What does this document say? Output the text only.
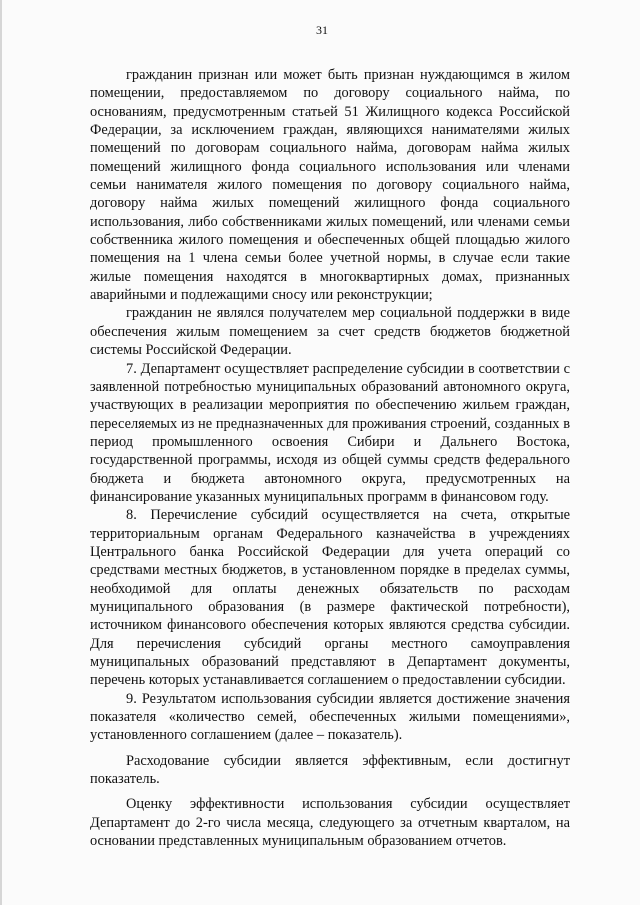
31

гражданин признан или может быть признан нуждающимся в жилом помещении, предоставляемом по договору социального найма, по основаниям, предусмотренным статьей 51 Жилищного кодекса Российской Федерации, за исключением граждан, являющихся нанимателями жилых помещений по договорам социального найма, договорам найма жилых помещений жилищного фонда социального использования или членами семьи нанимателя жилого помещения по договору социального найма, договору найма жилых помещений жилищного фонда социального использования, либо собственниками жилых помещений, или членами семьи собственника жилого помещения и обеспеченных общей площадью жилого помещения на 1 члена семьи более учетной нормы, в случае если такие жилые помещения находятся в многоквартирных домах, признанных аварийными и подлежащими сносу или реконструкции;

гражданин не являлся получателем мер социальной поддержки в виде обеспечения жилым помещением за счет средств бюджетов бюджетной системы Российской Федерации.

7. Департамент осуществляет распределение субсидии в соответствии с заявленной потребностью муниципальных образований автономного округа, участвующих в реализации мероприятия по обеспечению жильем граждан, переселяемых из не предназначенных для проживания строений, созданных в период промышленного освоения Сибири и Дальнего Востока, государственной программы, исходя из общей суммы средств федерального бюджета и бюджета автономного округа, предусмотренных на финансирование указанных муниципальных программ в финансовом году.

8. Перечисление субсидий осуществляется на счета, открытые территориальным органам Федерального казначейства в учреждениях Центрального банка Российской Федерации для учета операций со средствами местных бюджетов, в установленном порядке в пределах суммы, необходимой для оплаты денежных обязательств по расходам муниципального образования (в размере фактической потребности), источником финансового обеспечения которых являются средства субсидии. Для перечисления субсидий органы местного самоуправления муниципальных образований представляют в Департамент документы, перечень которых устанавливается соглашением о предоставлении субсидии.

9. Результатом использования субсидии является достижение значения показателя «количество семей, обеспеченных жилыми помещениями», установленного соглашением (далее – показатель).

Расходование субсидии является эффективным, если достигнут показатель.

Оценку эффективности использования субсидии осуществляет Департамент до 2-го числа месяца, следующего за отчетным кварталом, на основании представленных муниципальным образованием отчетов.
